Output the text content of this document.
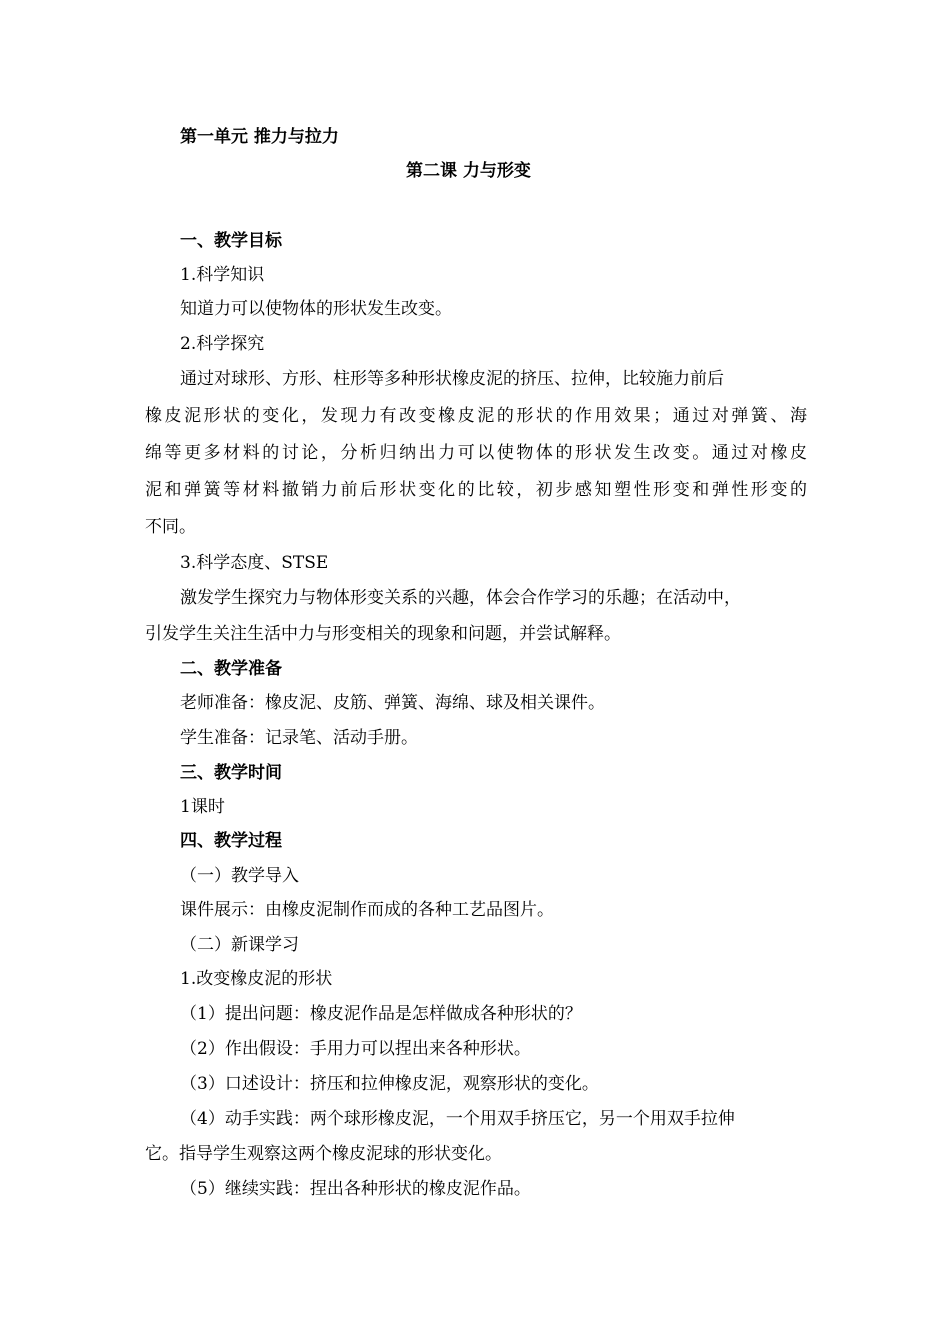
第一单元 推力与拉力
第二课 力与形变
一、教学目标
1.科学知识
知道力可以使物体的形状发生改变。
2.科学探究
通过对球形、方形、柱形等多种形状橡皮泥的挤压、拉伸，比较施力前后
橡皮泥形状的变化，发现力有改变橡皮泥的形状的作用效果；通过对弹簧、海
绵等更多材料的讨论，分析归纳出力可以使物体的形状发生改变。通过对橡皮
泥和弹簧等材料撤销力前后形状变化的比较，初步感知塑性形变和弹性形变的
不同。
3.科学态度、STSE
激发学生探究力与物体形变关系的兴趣，体会合作学习的乐趣；在活动中，
引发学生关注生活中力与形变相关的现象和问题，并尝试解释。
二、教学准备
老师准备：橡皮泥、皮筋、弹簧、海绵、球及相关课件。
学生准备：记录笔、活动手册。
三、教学时间
1课时
四、教学过程
（一）教学导入
课件展示：由橡皮泥制作而成的各种工艺品图片。
（二）新课学习
1.改变橡皮泥的形状
（1）提出问题：橡皮泥作品是怎样做成各种形状的？
（2）作出假设：手用力可以捏出来各种形状。
（3）口述设计：挤压和拉伸橡皮泥，观察形状的变化。
（4）动手实践：两个球形橡皮泥，一个用双手挤压它，另一个用双手拉伸
它。指导学生观察这两个橡皮泥球的形状变化。
（5）继续实践：捏出各种形状的橡皮泥作品。
